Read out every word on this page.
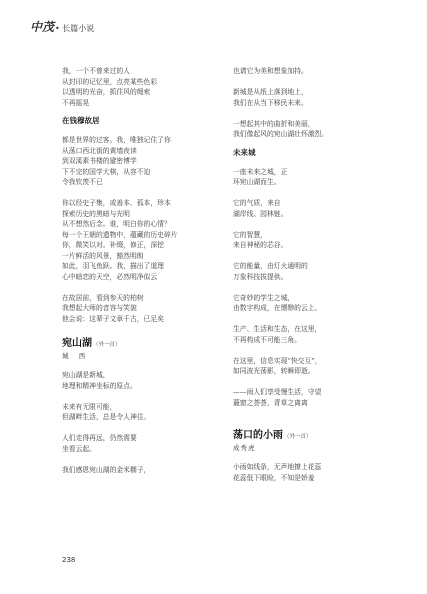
中茂 • 长篇小说
我，一个不曾来过的人
从封印的记忆里，点亮某些色彩
以透明的光奋，抓住风的绳索
不再摇晃
在钱穆故居
都是世界的过客。我，唯独记住了你
从荡口西北街的黄墙夜读
到双溪素书楼的避密博学
下不完的国学大棋，从容不迫
令我钦羡不已
你以经史子集，或善本、孤本，珍本
探索历史的黑暗与光明
从不想然后念。谁，明白你的心情？
每一个王朝的遗物中，蕴藏的历史碎片
你，微笑以对。补缀，修正，深挖
一片鲜活的风景，豁然明朗
如此，羽飞鱼跃。我，描出了道理
心中暗恋的天空，必然明净似云
在故居前，看到参天的柏树
我想起大师的音容与笑貌
他会说：这辈子文章千古，已足矣
宛山湖（外一首）
城 西
宛山湖是新城，
地理和精神坐标的原点。
未来有无限可能，
但湖畔生活，总是令人神往。
人们走得再远，仍然需要
坐看云起。
我们感恩宛山湖的金米糯子，
也请它为美和想象加持。
新城是从纸上落到地上，
我们在从当下移民未来。
一想起其中的曲折和美丽，
我们像起风的宛山湖壮怀激烈。
未来城
一座未来之城，正
环宛山湖而生。
它的气质，来自
湖岸线、园林链。
它的智慧，
来自神秘的芯谷。
它的能量，由灯火通明的
万象科技拔提供。
它奇妙的学生之城，
由数字构成，在缥缈的云上。
生产、生活和生态，在这里，
不再构成不可能三角。
在这里，信息实现“快交互”，
如同波光荡影，转瞬即逝。
——雨人们享受慢生活，守望
蕞窗之荟荟，青草之离离
荡口的小雨（外一首）
成秀虎
小雨如线条，无声地撩上花蕊
花蕊低下眼睑，不知是娇羞
238
